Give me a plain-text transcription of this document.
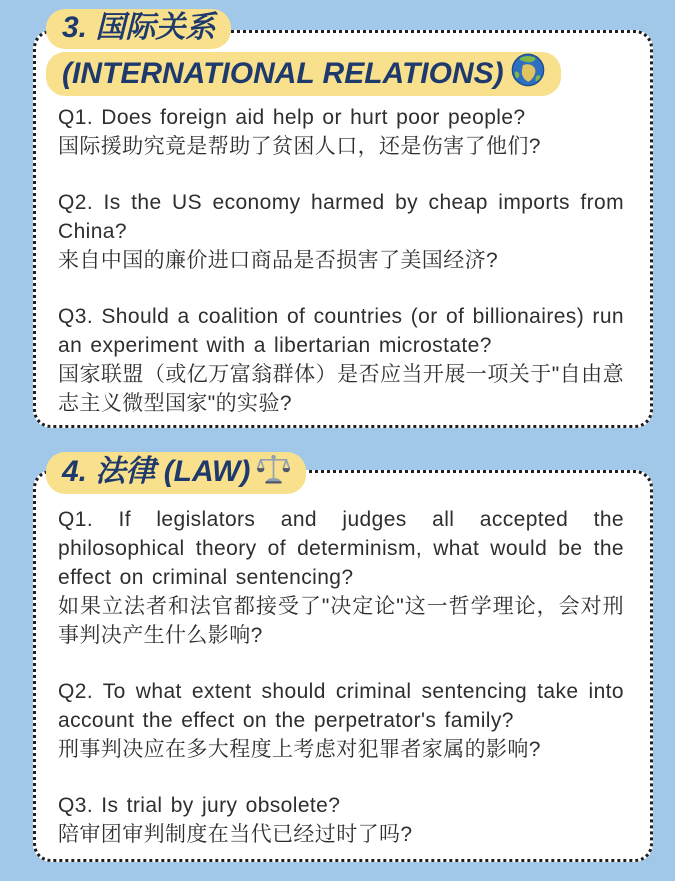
3. 国际关系
(INTERNATIONAL RELATIONS)

Q1. Does foreign aid help or hurt poor people?

国际援助究竟是帮助了贫困人口，还是伤害了他们?

Q2. Is the US economy harmed by cheap imports from China?

来自中国的廉价进口商品是否损害了美国经济?

Q3. Should a coalition of countries (or of billionaires) run an experiment with a libertarian microstate?

国家联盟（或亿万富翁群体）是否应当开展一项关于"自由意志主义微型国家"的实验?

4. 法律 (LAW)

Q1. If legislators and judges all accepted the philosophical theory of determinism, what would be the effect on criminal sentencing?

如果立法者和法官都接受了"决定论"这一哲学理论，会对刑事判决产生什么影响?

Q2. To what extent should criminal sentencing take into account the effect on the perpetrator's family?

刑事判决应在多大程度上考虑对犯罪者家属的影响?

Q3. Is trial by jury obsolete?

陪审团审判制度在当代已经过时了吗?
